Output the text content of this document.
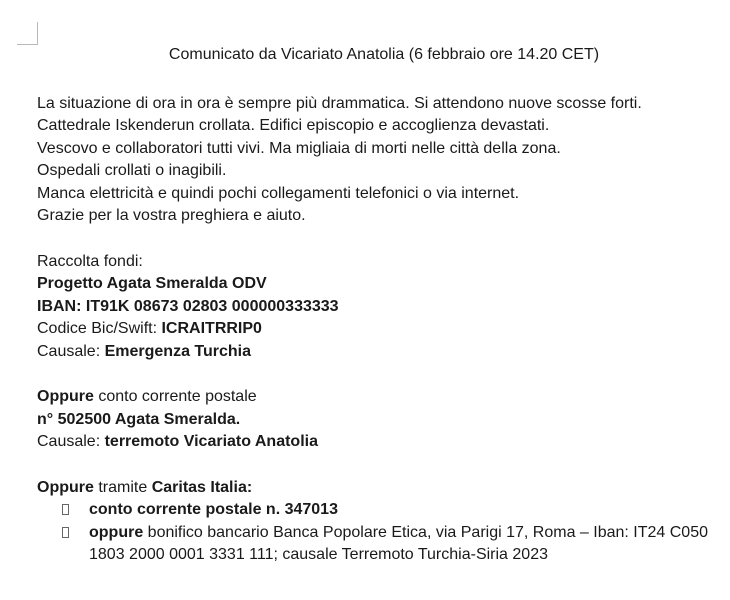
Comunicato da Vicariato Anatolia (6 febbraio ore 14.20 CET)
La situazione di ora in ora è sempre più drammatica. Si attendono nuove scosse forti.
Cattedrale Iskenderun crollata. Edifici episcopio e accoglienza devastati.
Vescovo e collaboratori tutti vivi. Ma migliaia di morti nelle città della zona.
Ospedali crollati o inagibili.
Manca elettricità e quindi pochi collegamenti telefonici o via internet.
Grazie per la vostra preghiera e aiuto.
Raccolta fondi:
Progetto Agata Smeralda ODV
IBAN: IT91K 08673 02803 000000333333
Codice Bic/Swift: ICRAITRRIP0
Causale: Emergenza Turchia
Oppure conto corrente postale
n° 502500 Agata Smeralda.
Causale: terremoto Vicariato Anatolia
Oppure tramite Caritas Italia:
conto corrente postale n. 347013
oppure bonifico bancario Banca Popolare Etica, via Parigi 17, Roma – Iban: IT24 C050 1803 2000 0001 3331 111; causale Terremoto Turchia-Siria 2023
